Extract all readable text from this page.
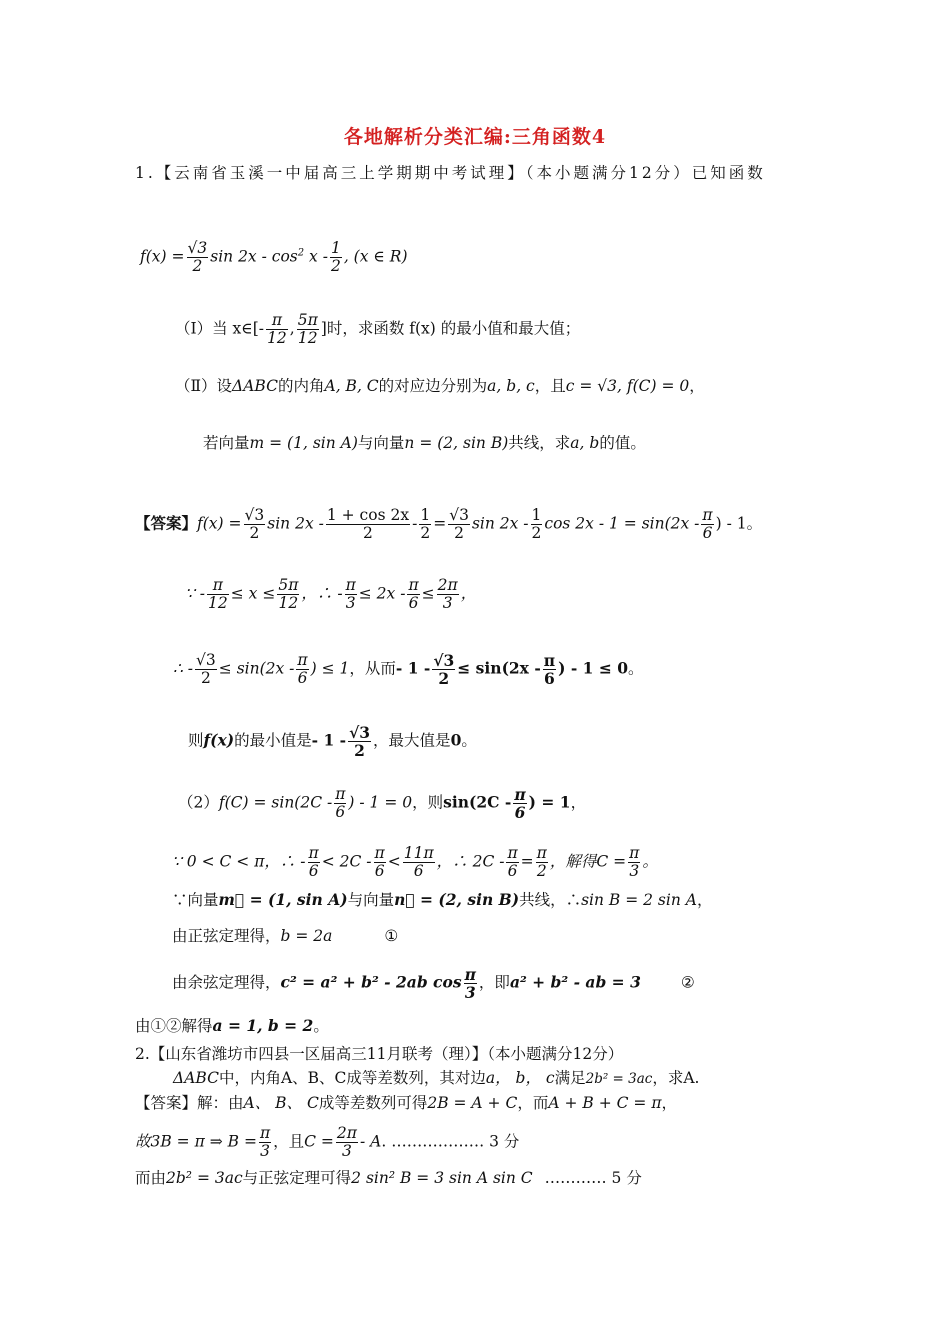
各地解析分类汇编:三角函数4
1.【云南省玉溪一中届高三上学期期中考试理】（本小题满分12分）已知函数
$f(x) = \frac{√3}{2}$ $\sin 2x - \cos^2 x - \frac{1}{2}$ , (x ∈ R)
（Ⅰ）当 x∈[- $\frac{\pi}{12}$ , $\frac{5\pi}{12}$ ]时，求函数 f(x) 的最小值和最大值；
（Ⅱ）设ΔABC的内角A, B, C的对应边分别为a, b, c，且c = √3, f(C) = 0，
若向量m = (1, sin A)与向量n = (2, sin B)共线，求a, b的值。
【答案】$f(x) = \frac{√3}{2}$ $\sin 2x - \frac{1 + \cos 2x}{2} - \frac{1}{2} = \frac{√3}{2}$ $\sin 2x - \frac{1}{2}$ $\cos 2x - 1 = \sin(2x - \frac{\pi}{6}$ ) - 1。
∵ - $\frac{\pi}{12} \le x \le \frac{5\pi}{12}$ ，∴ - $\frac{\pi}{3} \le 2x - \frac{\pi}{6} \le \frac{2\pi}{3}$ ，
∴ - $\frac{√3}{2} \le \sin(2x - \frac{\pi}{6}$ ) ≤ 1，从而- $1 - \frac{√3}{2} \le \sin(2x - \frac{\pi}{6}$ ) - 1 ≤ 0。
则f(x)的最小值是- $1 - \frac{√3}{2}$ ，最大值是0。
$(2)f(C) = \sin(2C - \frac{\pi}{6}$ ) - 1 = 0，则$\sin(2C - \frac{\pi}{6}$ ) = 1，
∵ 0 < C < π，∴ - $\frac{\pi}{6} < 2C - \frac{\pi}{6} < \frac{11\pi}{6}$ ，∴ $2C - \frac{\pi}{6} = \frac{\pi}{2}$ ，解得$C = \frac{\pi}{3}$ 。
∵向量m⃗ = (1, sin A)与向量n⃗ = (2, sin B)共线，∴sin B = 2 sin A，
由正弦定理得，b = 2a	①
由余弦定理得，c² = a² + b² - 2ab $\cos \frac{\pi}{3}$ ，即a² + b² - ab = 3	②
由①②解得a = 1, b = 2。
2.【山东省潍坊市四县一区届高三11月联考（理）】（本小题满分12分）
ΔABC中，内角A、B、C成等差数列，其对边a， b， c满足2b² = 3ac，求A.
【答案】解：由A、 B、 C成等差数列可得2B = A + C，而A + B + C = π，
故3B = π ⇒ $B = \frac{\pi}{3}$ ，且$C = \frac{2\pi}{3} - A$. ……………… 3 分
而由2b² = 3ac与正弦定理可得2 sin² B = 3 sin A sin C ………… 5 分
